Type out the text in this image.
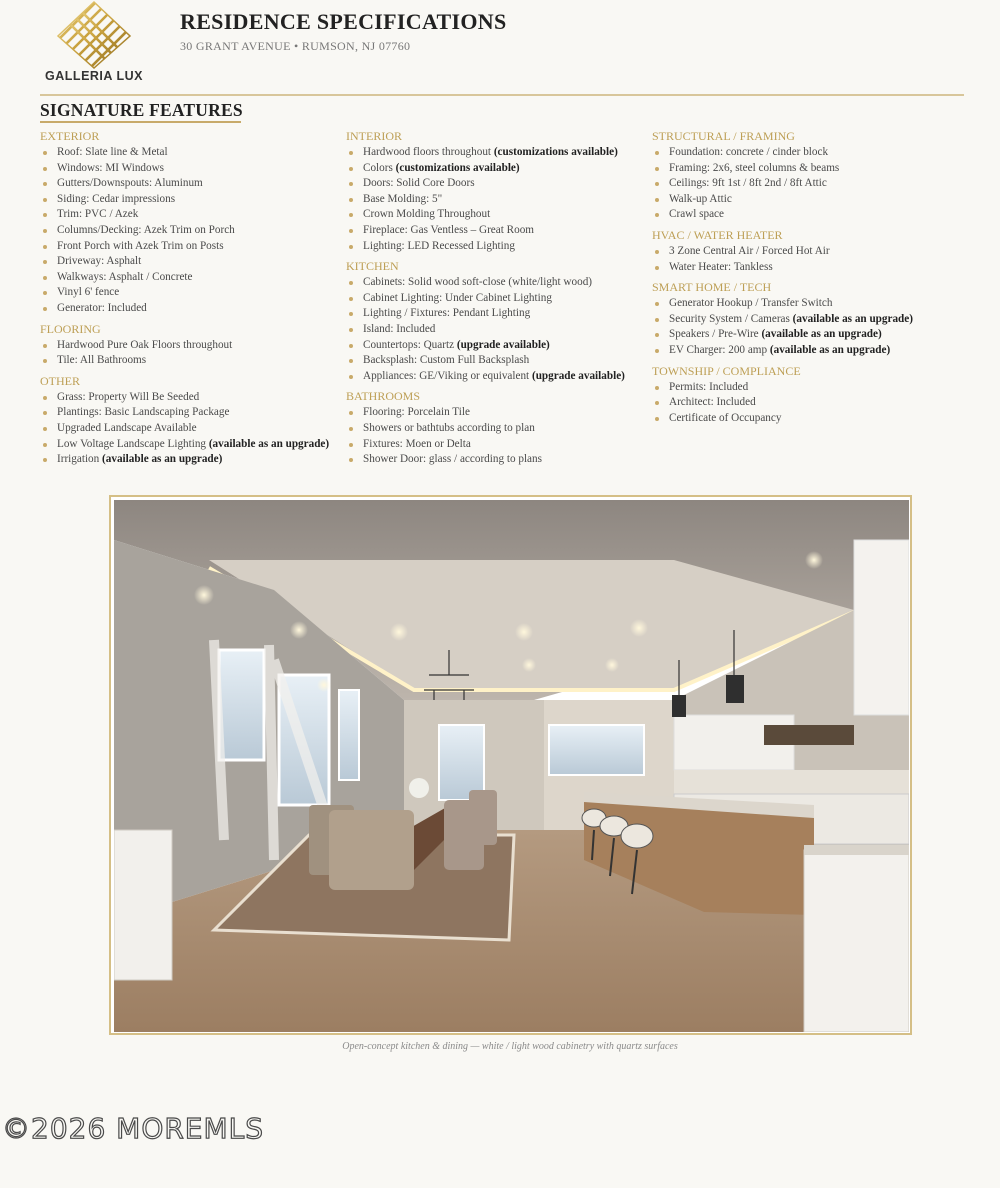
GALLERIA LUX
RESIDENCE SPECIFICATIONS
30 GRANT AVENUE • RUMSON, NJ 07760
SIGNATURE FEATURES
EXTERIOR
Roof: Slate line & Metal
Windows: MI Windows
Gutters/Downspouts: Aluminum
Siding: Cedar impressions
Trim: PVC / Azek
Columns/Decking: Azek Trim on Porch
Front Porch with Azek Trim on Posts
Driveway: Asphalt
Walkways: Asphalt / Concrete
Vinyl 6' fence
Generator: Included
FLOORING
Hardwood Pure Oak Floors throughout
Tile: All Bathrooms
OTHER
Grass: Property Will Be Seeded
Plantings: Basic Landscaping Package
Upgraded Landscape Available
Low Voltage Landscape Lighting (available as an upgrade)
Irrigation (available as an upgrade)
INTERIOR
Hardwood floors throughout (customizations available)
Colors (customizations available)
Doors: Solid Core Doors
Base Molding: 5"
Crown Molding Throughout
Fireplace: Gas Ventless – Great Room
Lighting: LED Recessed Lighting
KITCHEN
Cabinets: Solid wood soft-close (white/light wood)
Cabinet Lighting: Under Cabinet Lighting
Lighting / Fixtures: Pendant Lighting
Island: Included
Countertops: Quartz (upgrade available)
Backsplash: Custom Full Backsplash
Appliances: GE/Viking or equivalent (upgrade available)
BATHROOMS
Flooring: Porcelain Tile
Showers or bathtubs according to plan
Fixtures: Moen or Delta
Shower Door: glass / according to plans
STRUCTURAL / FRAMING
Foundation: concrete / cinder block
Framing: 2x6, steel columns & beams
Ceilings: 9ft 1st / 8ft 2nd / 8ft Attic
Walk-up Attic
Crawl space
HVAC / WATER HEATER
3 Zone Central Air / Forced Hot Air
Water Heater: Tankless
SMART HOME / TECH
Generator Hookup / Transfer Switch
Security System / Cameras (available as an upgrade)
Speakers / Pre-Wire (available as an upgrade)
EV Charger: 200 amp (available as an upgrade)
TOWNSHIP / COMPLIANCE
Permits: Included
Architect: Included
Certificate of Occupancy
Open-concept kitchen & dining — white / light wood cabinetry with quartz surfaces
©2026 MOREMLS
